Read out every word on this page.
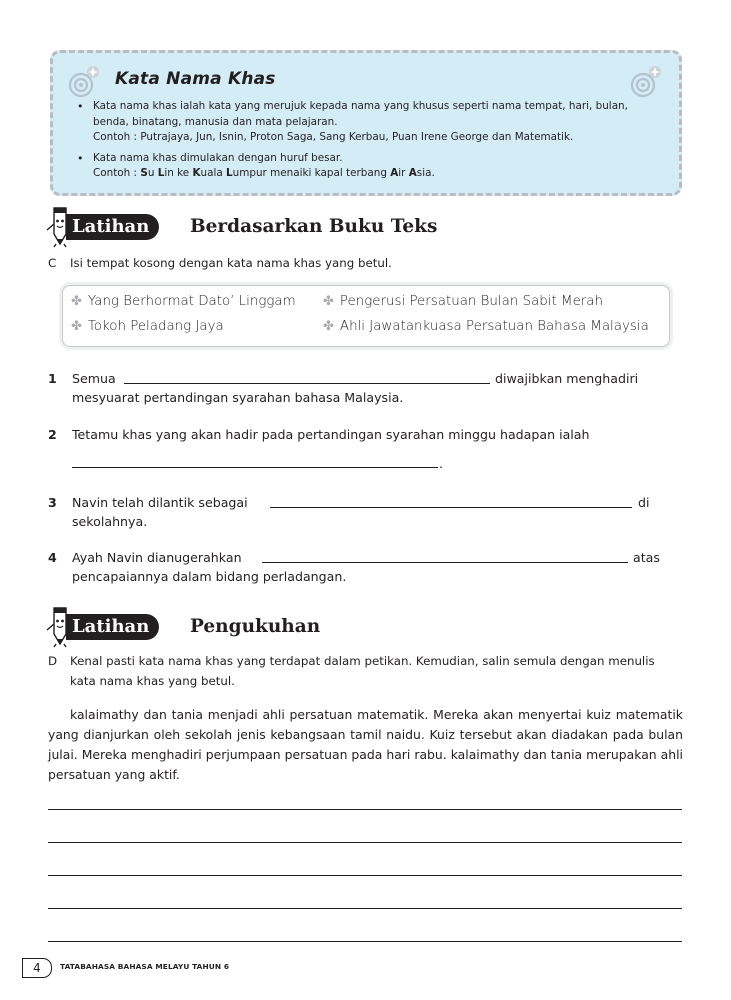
Kata Nama Khas
• Kata nama khas ialah kata yang merujuk kepada nama yang khusus seperti nama tempat, hari, bulan, benda, binatang, manusia dan mata pelajaran.
Contoh : Putrajaya, Jun, Isnin, Proton Saga, Sang Kerbau, Puan Irene George dan Matematik.
• Kata nama khas dimulakan dengan huruf besar.
Contoh : Su Lin ke Kuala Lumpur menaiki kapal terbang Air Asia.
Latihan	Berdasarkan Buku Teks
C	Isi tempat kosong dengan kata nama khas yang betul.
✤ Yang Berhormat Dato’ Linggam ✤ Pengerusi Persatuan Bulan Sabit Merah
✤ Tokoh Peladang Jaya	✤ Ahli Jawatankuasa Persatuan Bahasa Malaysia
1 Semua	diwajibkan menghadiri
mesyuarat pertandingan syarahan bahasa Malaysia.
2 Tetamu khas yang akan hadir pada pertandingan syarahan minggu hadapan ialah
.
3 Navin telah dilantik sebagai	di
sekolahnya.
4 Ayah Navin dianugerahkan	atas
pencapaiannya dalam bidang perladangan.
Latihan	Pengukuhan
D	Kenal pasti kata nama khas yang terdapat dalam petikan. Kemudian, salin semula dengan menulis kata nama khas yang betul.
kalaimathy dan tania menjadi ahli persatuan matematik. Mereka akan menyertai kuiz matematik yang dianjurkan oleh sekolah jenis kebangsaan tamil naidu. Kuiz tersebut akan diadakan pada bulan julai. Mereka menghadiri perjumpaan persatuan pada hari rabu. kalaimathy dan tania merupakan ahli persatuan yang aktif.
4	TATABAHASA BAHASA MELAYU TAHUN 6
